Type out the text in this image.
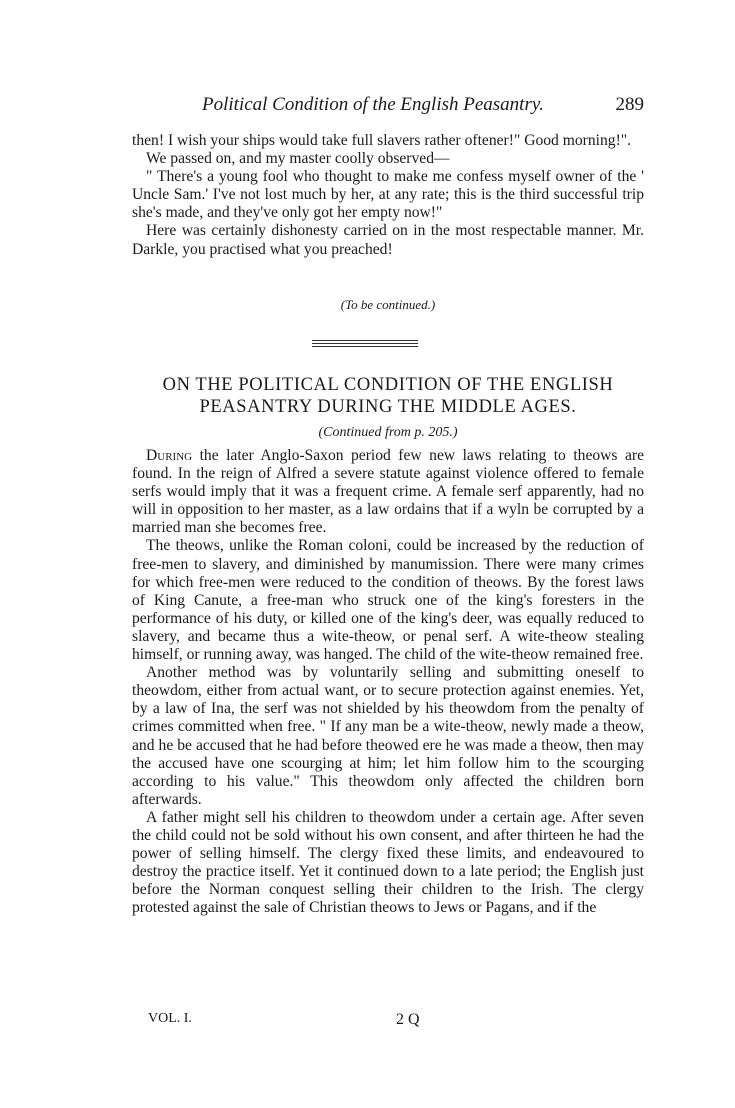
Political Condition of the English Peasantry.	289

then! I wish your ships would take full slavers rather oftener!" Good morning!".

We passed on, and my master coolly observed—

" There's a young fool who thought to make me confess myself owner of the ' Uncle Sam.' I've not lost much by her, at any rate; this is the third successful trip she's made, and they've only got her empty now!"

Here was certainly dishonesty carried on in the most respectable manner. Mr. Darkle, you practised what you preached!

(To be continued.)
ON THE POLITICAL CONDITION OF THE ENGLISH
PEASANTRY DURING THE MIDDLE AGES.
(Continued from p. 205.)

During the later Anglo-Saxon period few new laws relating to theows are found. In the reign of Alfred a severe statute against violence offered to female serfs would imply that it was a frequent crime. A female serf apparently, had no will in opposition to her master, as a law ordains that if a wyln be corrupted by a married man she becomes free.

The theows, unlike the Roman coloni, could be increased by the reduction of free-men to slavery, and diminished by manumission. There were many crimes for which free-men were reduced to the condition of theows. By the forest laws of King Canute, a free-man who struck one of the king's foresters in the performance of his duty, or killed one of the king's deer, was equally reduced to slavery, and became thus a wite-theow, or penal serf. A wite-theow stealing himself, or running away, was hanged. The child of the wite-theow remained free.

Another method was by voluntarily selling and submitting oneself to theowdom, either from actual want, or to secure protection against enemies. Yet, by a law of Ina, the serf was not shielded by his theowdom from the penalty of crimes committed when free. " If any man be a wite-theow, newly made a theow, and he be accused that he had before theowed ere he was made a theow, then may the accused have one scourging at him; let him follow him to the scourging according to his value." This theowdom only affected the children born afterwards.

A father might sell his children to theowdom under a certain age. After seven the child could not be sold without his own consent, and after thirteen he had the power of selling himself. The clergy fixed these limits, and endeavoured to destroy the practice itself. Yet it continued down to a late period; the English just before the Norman conquest selling their children to the Irish. The clergy protested against the sale of Christian theows to Jews or Pagans, and if the

VOL. I.	2 Q
